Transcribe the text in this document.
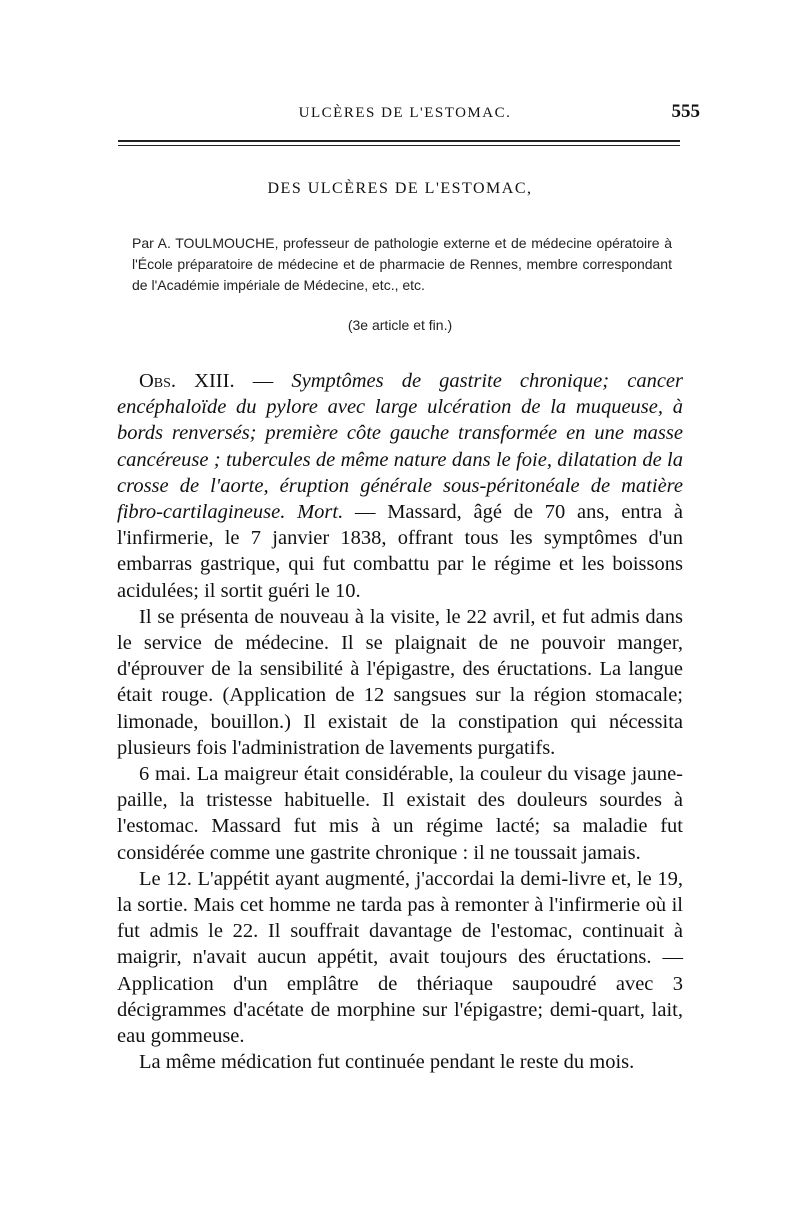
ULCÈRES DE L'ESTOMAC.	555
DES ULCÈRES DE L'ESTOMAC,
Par A. TOULMOUCHE, professeur de pathologie externe et de médecine opératoire à l'École préparatoire de médecine et de pharmacie de Rennes, membre correspondant de l'Académie impériale de Médecine, etc., etc.
(3e article et fin.)

Obs. XIII. — Symptômes de gastrite chronique; cancer encéphaloïde du pylore avec large ulcération de la muqueuse, à bords renversés; première côte gauche transformée en une masse cancéreuse ; tubercules de même nature dans le foie, dilatation de la crosse de l'aorte, éruption générale sous-péritonéale de matière fibro-cartilagineuse. Mort. — Massard, âgé de 70 ans, entra à l'infirmerie, le 7 janvier 1838, offrant tous les symptômes d'un embarras gastrique, qui fut combattu par le régime et les boissons acidulées; il sortit guéri le 10.

Il se présenta de nouveau à la visite, le 22 avril, et fut admis dans le service de médecine. Il se plaignait de ne pouvoir manger, d'éprouver de la sensibilité à l'épigastre, des éructations. La langue était rouge. (Application de 12 sangsues sur la région stomacale; limonade, bouillon.) Il existait de la constipation qui nécessita plusieurs fois l'administration de lavements purgatifs.

6 mai. La maigreur était considérable, la couleur du visage jaune-paille, la tristesse habituelle. Il existait des douleurs sourdes à l'estomac. Massard fut mis à un régime lacté; sa maladie fut considérée comme une gastrite chronique : il ne toussait jamais.

Le 12. L'appétit ayant augmenté, j'accordai la demi-livre et, le 19, la sortie. Mais cet homme ne tarda pas à remonter à l'infirmerie où il fut admis le 22. Il souffrait davantage de l'estomac, continuait à maigrir, n'avait aucun appétit, avait toujours des éructations. — Application d'un emplâtre de thériaque saupoudré avec 3 décigrammes d'acétate de morphine sur l'épigastre; demi-quart, lait, eau gommeuse.

La même médication fut continuée pendant le reste du mois.
